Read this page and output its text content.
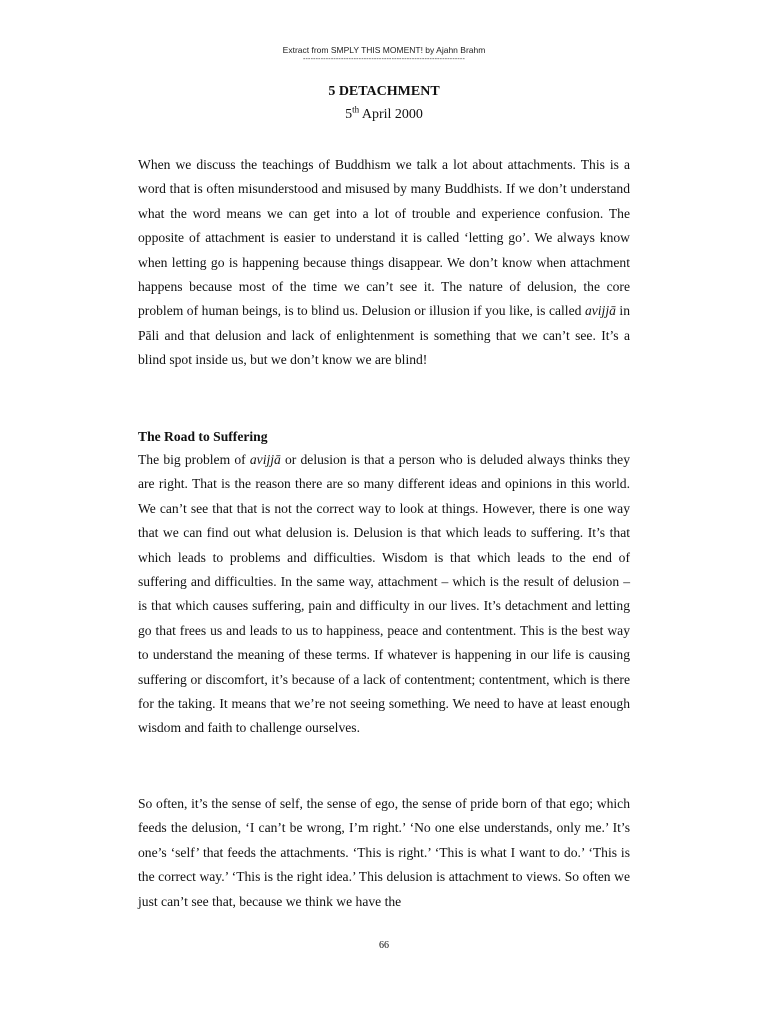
Extract from SMPLY THIS MOMENT! by Ajahn Brahm
----------------------------------------------------------------
5 DETACHMENT
5th April 2000

When we discuss the teachings of Buddhism we talk a lot about attachments. This is a word that is often misunderstood and misused by many Buddhists. If we don’t understand what the word means we can get into a lot of trouble and experience confusion. The opposite of attachment is easier to understand it is called ‘letting go’. We always know when letting go is happening because things disappear. We don’t know when attachment happens because most of the time we can’t see it. The nature of delusion, the core problem of human beings, is to blind us. Delusion or illusion if you like, is called avijjā in Pāli and that delusion and lack of enlightenment is something that we can’t see. It’s a blind spot inside us, but we don’t know we are blind!

The Road to Suffering

The big problem of avijjā or delusion is that a person who is deluded always thinks they are right. That is the reason there are so many different ideas and opinions in this world. We can’t see that that is not the correct way to look at things. However, there is one way that we can find out what delusion is. Delusion is that which leads to suffering. It’s that which leads to problems and difficulties. Wisdom is that which leads to the end of suffering and difficulties. In the same way, attachment – which is the result of delusion – is that which causes suffering, pain and difficulty in our lives. It’s detachment and letting go that frees us and leads to us to happiness, peace and contentment. This is the best way to understand the meaning of these terms. If whatever is happening in our life is causing suffering or discomfort, it’s because of a lack of contentment; contentment, which is there for the taking. It means that we’re not seeing something. We need to have at least enough wisdom and faith to challenge ourselves.

So often, it’s the sense of self, the sense of ego, the sense of pride born of that ego; which feeds the delusion, ‘I can’t be wrong, I’m right.’ ‘No one else understands, only me.’ It’s one’s ‘self’ that feeds the attachments. ‘This is right.’ ‘This is what I want to do.’ ‘This is the correct way.’ ‘This is the right idea.’ This delusion is attachment to views. So often we just can’t see that, because we think we have the

66
